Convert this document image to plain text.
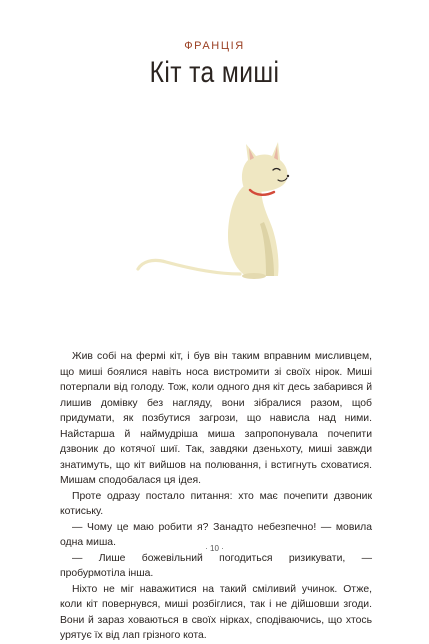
ФРАНЦІЯ
Кіт та миші

Жив собі на фермі кіт, і був він таким вправним мисливцем, що миші боялися навіть носа виcтромити зі своїх нірок. Миші потерпали від голоду. Тож, коли одного дня кіт десь забарився й лишив домівку без нагляду, вони зібралися разом, щоб придумати, як позбутися загрози, що нависла над ними. Найстарша й наймудріша миша запропонувала почепити дзвоник до котячої шиї. Так, завдяки дзеньхоту, миші завжди знатимуть, що кіт вийшов на полювання, і встигнуть сховатися. Мишам сподобалася ця ідея.

Проте одразу постало питання: хто має почепити дзвоник котиську.

— Чому це маю робити я? Занадто небезпечно! — мовила одна миша.

— Лише божевільний погодиться ризикувати, — пробурмотіла інша.

Ніхто не міг наважитися на такий сміливий учинок. Отже, коли кіт повернувся, миші розбіглися, так і не дійшовши згоди. Вони й зараз ховаються в своїх нірках, сподіваючись, що хтось урятує їх від лап грізного кота.

· 10 ·
